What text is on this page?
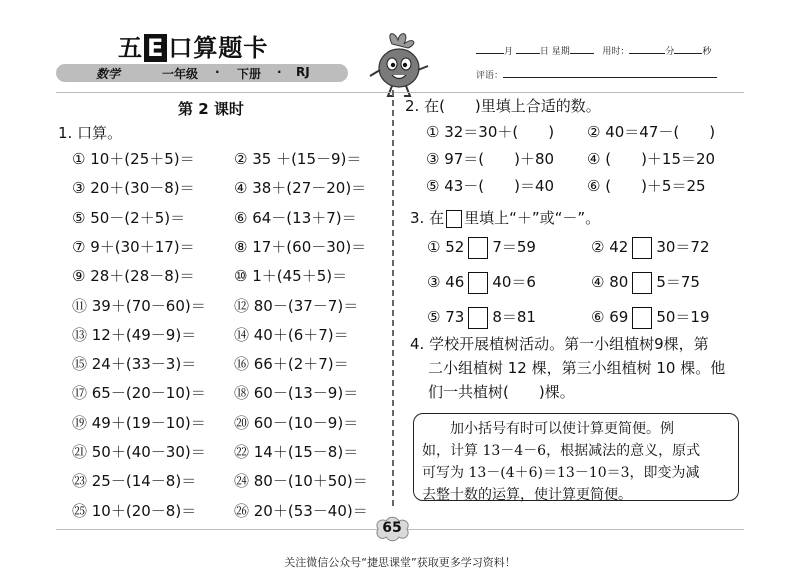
五 E 口算题卡
数学	一年级 · 下册 · RJ
月	日 星期	用时：	分	秒
评语：
第 2 课时
1. 口算。
① 10＋(25＋5)＝	② 35 ＋(15－9)＝
③ 20＋(30－8)＝	④ 38＋(27－20)＝
⑤ 50－(2＋5)＝	⑥ 64－(13＋7)＝
⑦ 9＋(30＋17)＝	⑧ 17＋(60－30)＝
⑨ 28＋(28－8)＝	⑩ 1＋(45＋5)＝
⑪ 39＋(70－60)＝ ⑫ 80－(37－7)＝
⑬ 12＋(49－9)＝	⑭ 40＋(6＋7)＝
⑮ 24＋(33－3)＝	⑯ 66＋(2＋7)＝
⑰ 65－(20－10)＝ ⑱ 60－(13－9)＝
⑲ 49＋(19－10)＝ ⑳ 60－(10－9)＝
㉑ 50＋(40－30)＝ ㉒ 14＋(15－8)＝
㉓ 25－(14－8)＝	㉔ 80－(10＋50)＝
㉕ 10＋(20－8)＝	㉖ 20＋(53－40)＝
2. 在(　　)里填上合适的数。
① 32＝30＋(　　) ② 40＝47－(　　)
③ 97＝(　　)＋80 ④ (　　)＋15＝20
⑤ 43－(　　)＝40 ⑥ (　　)＋5＝25
3. 在 里填上“＋”或“－”。
① 52 7＝59	② 42 30＝72
③ 46 40＝6	④ 80 5＝75
⑤ 73 8＝81	⑥ 69 50＝19
4. 学校开展植树活动。第一小组植树9棵，第
二小组植树 12 棵，第三小组植树 10 棵。他
们一共植树(　　)棵。
　　加小括号有时可以使计算更简便。例
如，计算 13－4－6，根据减法的意义，原式
可写为 13－(4＋6)＝13－10＝3，即变为减
去整十数的运算，使计算更简便。
65
关注微信公众号“捷思课堂”获取更多学习资料！
